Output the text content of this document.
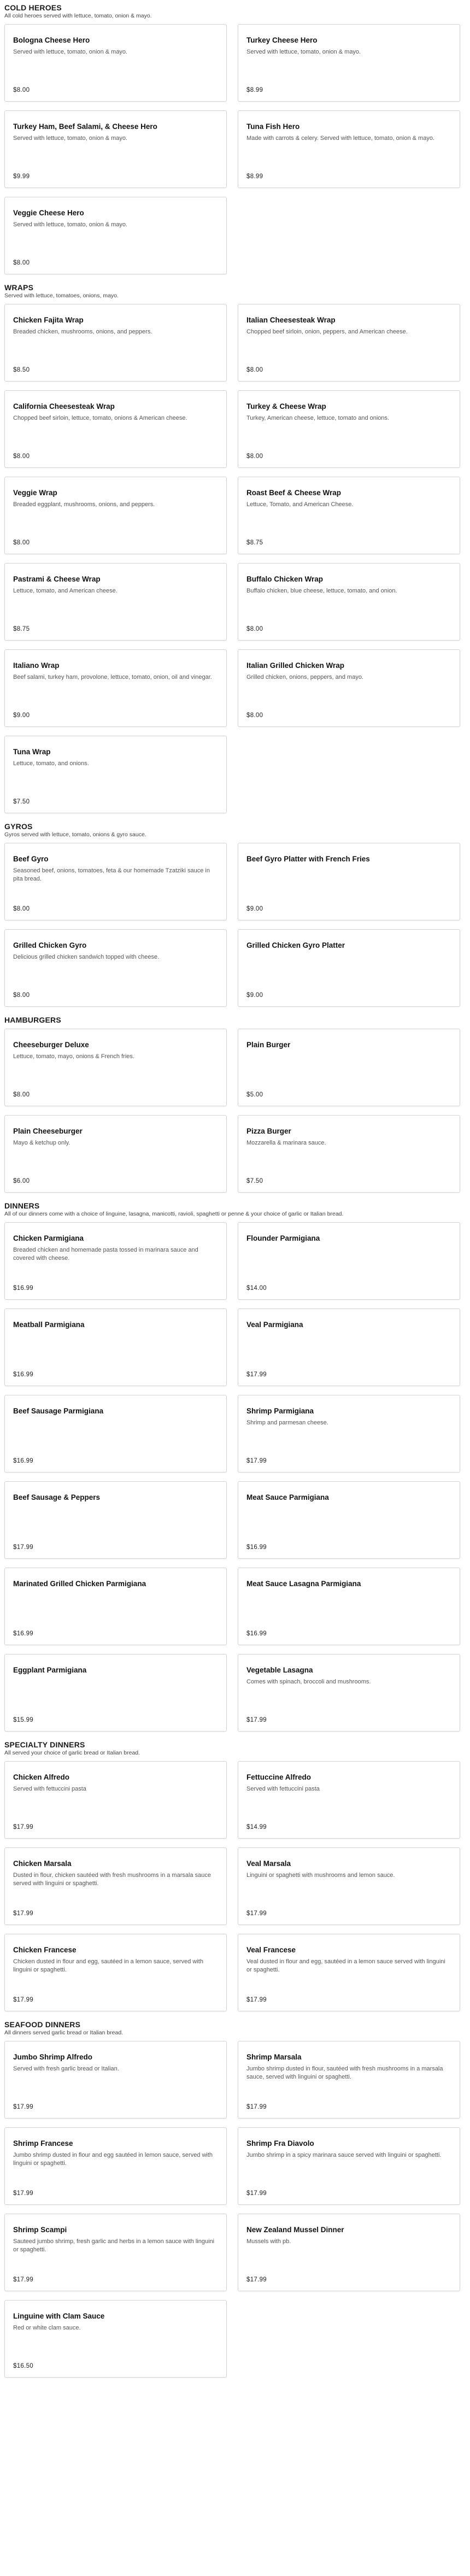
COLD HEROES
All cold heroes served with lettuce, tomato, onion & mayo.
Bologna Cheese Hero
Served with lettuce, tomato, onion & mayo.
$8.00
Turkey Cheese Hero
Served with lettuce, tomato, onion & mayo.
$8.99
Turkey Ham, Beef Salami, & Cheese Hero
Served with lettuce, tomato, onion & mayo.
$9.99
Tuna Fish Hero
Made with carrots & celery. Served with lettuce, tomato, onion & mayo.
$8.99
Veggie Cheese Hero
Served with lettuce, tomato, onion & mayo.
$8.00
WRAPS
Served with lettuce, tomatoes, onions, mayo.
Chicken Fajita Wrap
Breaded chicken, mushrooms, onions, and peppers.
$8.50
Italian Cheesesteak Wrap
Chopped beef sirloin, onion, peppers, and American cheese.
$8.00
California Cheesesteak Wrap
Chopped beef sirloin, lettuce, tomato, onions & American cheese.
$8.00
Turkey & Cheese Wrap
Turkey, American cheese, lettuce, tomato and onions.
$8.00
Veggie Wrap
Breaded eggplant, mushrooms, onions, and peppers.
$8.00
Roast Beef & Cheese Wrap
Lettuce, Tomato, and American Cheese.
$8.75
Pastrami & Cheese Wrap
Lettuce, tomato, and American cheese.
$8.75
Buffalo Chicken Wrap
Buffalo chicken, blue cheese, lettuce, tomato, and onion.
$8.00
Italiano Wrap
Beef salami, turkey ham, provolone, lettuce, tomato, onion, oil and vinegar.
$9.00
Italian Grilled Chicken Wrap
Grilled chicken, onions, peppers, and mayo.
$8.00
Tuna Wrap
Lettuce, tomato, and onions.
$7.50
GYROS
Gyros served with lettuce, tomato, onions & gyro sauce.
Beef Gyro
Seasoned beef, onions, tomatoes, feta & our homemade Tzatziki sauce in pita bread.
$8.00
Beef Gyro Platter with French Fries
$9.00
Grilled Chicken Gyro
Delicious grilled chicken sandwich topped with cheese.
$8.00
Grilled Chicken Gyro Platter
$9.00
HAMBURGERS
Cheeseburger Deluxe
Lettuce, tomato, mayo, onions & French fries.
$8.00
Plain Burger
$5.00
Plain Cheeseburger
Mayo & ketchup only.
$6.00
Pizza Burger
Mozzarella & marinara sauce.
$7.50
DINNERS
All of our dinners come with a choice of linguine, lasagna, manicotti, ravioli, spaghetti or penne & your choice of garlic or Italian bread.
Chicken Parmigiana
Breaded chicken and homemade pasta tossed in marinara sauce and covered with cheese.
$16.99
Flounder Parmigiana
$14.00
Meatball Parmigiana
$16.99
Veal Parmigiana
$17.99
Beef Sausage Parmigiana
$16.99
Shrimp Parmigiana
Shrimp and parmesan cheese.
$17.99
Beef Sausage & Peppers
$17.99
Meat Sauce Parmigiana
$16.99
Marinated Grilled Chicken Parmigiana
$16.99
Meat Sauce Lasagna Parmigiana
$16.99
Eggplant Parmigiana
$15.99
Vegetable Lasagna
Comes with spinach, broccoli and mushrooms.
$17.99
SPECIALTY DINNERS
All served your choice of garlic bread or Italian bread.
Chicken Alfredo
Served with fettuccini pasta
$17.99
Fettuccine Alfredo
Served with fettuccini pasta
$14.99
Chicken Marsala
Dusted in flour, chicken sautéed with fresh mushrooms in a marsala sauce served with linguini or spaghetti.
$17.99
Veal Marsala
Linguini or spaghetti with mushrooms and lemon sauce.
$17.99
Chicken Francese
Chicken dusted in flour and egg, sautéed in a lemon sauce, served with linguini or spaghetti.
$17.99
Veal Francese
Veal dusted in flour and egg, sautéed in a lemon sauce served with linguini or spaghetti.
$17.99
SEAFOOD DINNERS
All dinners served garlic bread or Italian bread.
Jumbo Shrimp Alfredo
Served with fresh garlic bread or Italian.
$17.99
Shrimp Marsala
Jumbo shrimp dusted in flour, sautéed with fresh mushrooms in a marsala sauce, served with linguini or spaghetti.
$17.99
Shrimp Francese
Jumbo shrimp dusted in flour and egg sautéed in lemon sauce, served with linguini or spaghetti.
$17.99
Shrimp Fra Diavolo
Jumbo shrimp in a spicy marinara sauce served with linguini or spaghetti.
$17.99
Shrimp Scampi
Sauteed jumbo shrimp, fresh garlic and herbs in a lemon sauce with linguini or spaghetti.
$17.99
New Zealand Mussel Dinner
Mussels with pb.
$17.99
Linguine with Clam Sauce
Red or white clam sauce.
$16.50
